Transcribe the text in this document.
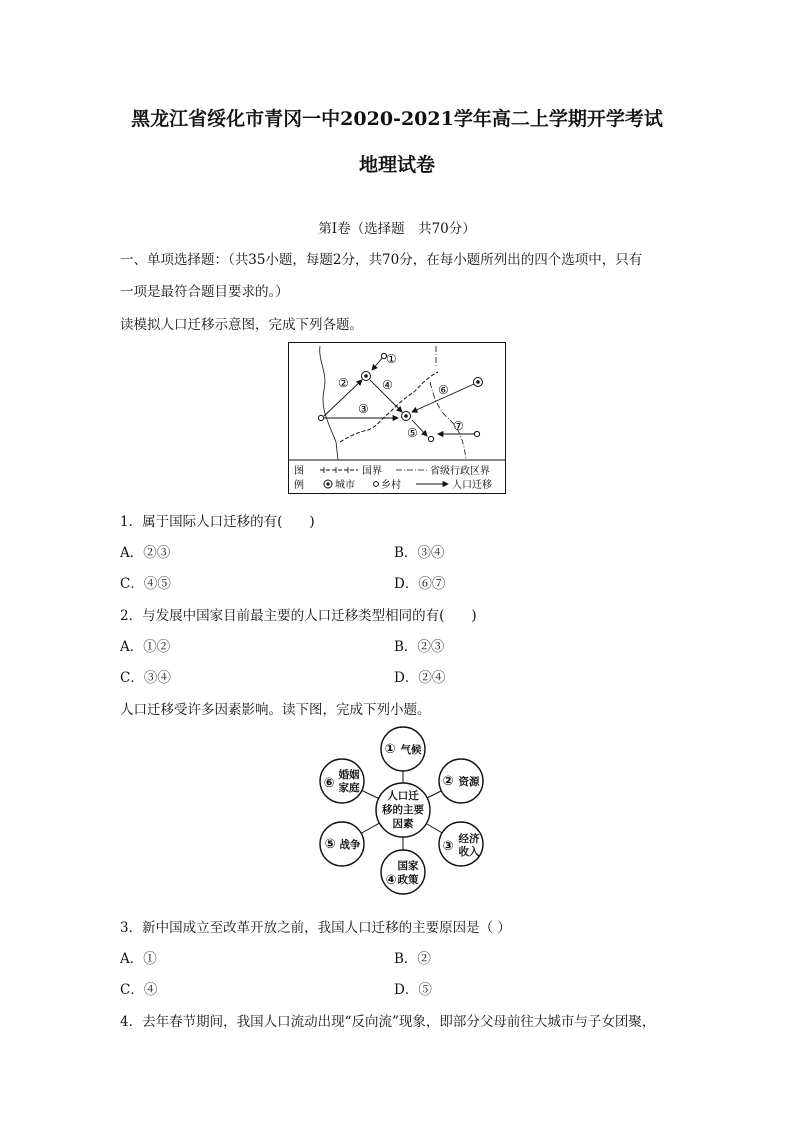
黑龙江省绥化市青冈一中2020-2021学年高二上学期开学考试
地理试卷
第Ⅰ卷（选择题　共70分）
一、单项选择题：（共35小题，每题2分，共70分，在每小题所列出的四个选项中，只有
一项是最符合题目要求的。）
读模拟人口迁移示意图，完成下列各题。
①
②
③
④
⑤
⑥
⑦
图
例
国界	省级行政区界
城市	乡村	人口迁移
1．属于国际人口迁移的有(　　)
A．②③	B．③④
C．④⑤	D．⑥⑦
2．与发展中国家目前最主要的人口迁移类型相同的有(　　)
A．①②	B．②③
C．③④	D．②④
人口迁移受许多因素影响。读下图，完成下列小题。
人口迁
移的主要
因素
① 气候
② 资源
③ 经济
收入
④
国家
政策
⑤ 战争
⑥
婚姻
家庭
3．新中国成立至改革开放之前，我国人口迁移的主要原因是（ ）
A．①	B．②
C．④	D．⑤
4．去年春节期间，我国人口流动出现“反向流”现象，即部分父母前往大城市与子女团聚，
